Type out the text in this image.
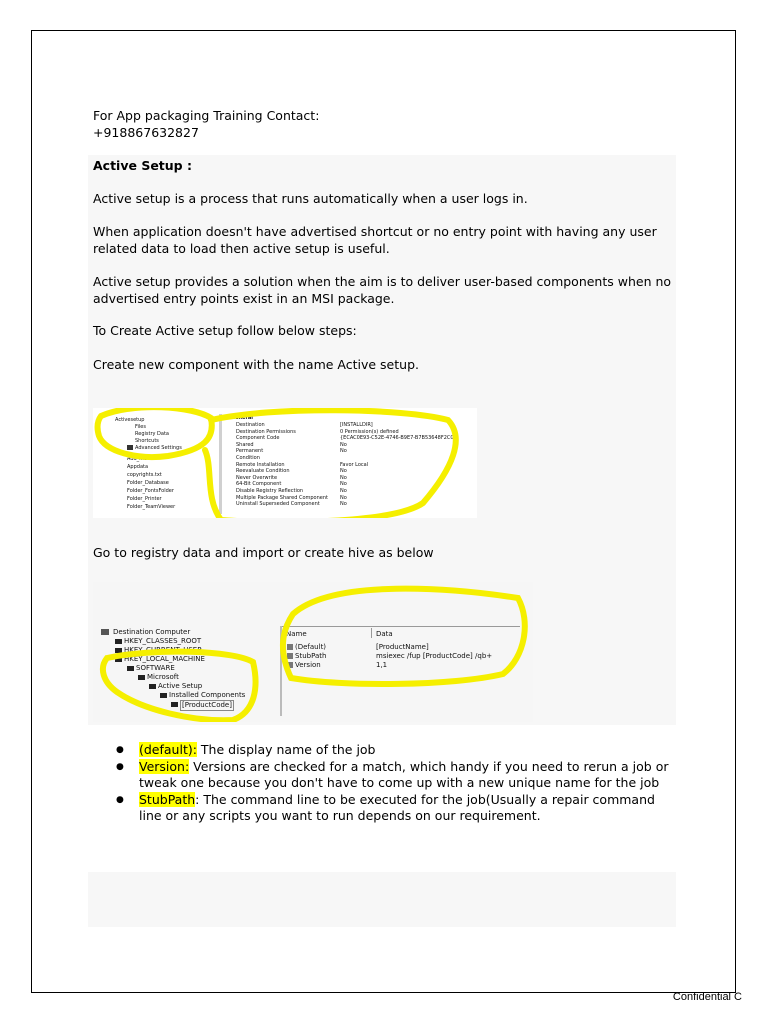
For App packaging Training Contact:
+918867632827
Active Setup :
Active setup is a process that runs automatically when a user logs in.
When application doesn't have advertised shortcut or no entry point with having any user related data to load then active setup is useful.
Active setup provides a solution when the aim is to deliver user-based components when no advertised entry points exist in an MSI package.
To Create Active setup follow below steps:
Create new component with the name Active setup.
Activesetup
Files
Registry Data
Shortcuts
Advanced Settings
Add_file
Appdata
copyrights.txt
Folder_Database
Folder_FontsFolder
Folder_Printer
Folder_TeamViewer
General
Destination	[INSTALLDIR]
Destination Permissions	0 Permission(s) defined
Component Code	{ECAC0E93-C52E-4746-B9E7-B7B53648F2C0}
Shared	No
Permanent	No
Condition
Remote Installation	Favor Local
Reevaluate Condition	No
Never Overwrite	No
64-Bit Component	No
Disable Registry Reflection	No
Multiple Package Shared Component No
Uninstall Superseded Component	No
Go to registry data and import or create hive as below
Destination Computer
HKEY_CLASSES_ROOT
HKEY_CURRENT_USER
HKEY_LOCAL_MACHINE
SOFTWARE
Microsoft
Active Setup
Installed Components
[ProductCode]
Name	Data
(Default)	[ProductName]
StubPath	msiexec /fup [ProductCode] /qb+
Version	1,1
● (default): The display name of the job
● Version: Versions are checked for a match, which handy if you need to rerun a job or tweak one because you don't have to come up with a new unique name for the job
● StubPath: The command line to be executed for the job(Usually a repair command line or any scripts you want to run depends on our requirement.
Confidential C
